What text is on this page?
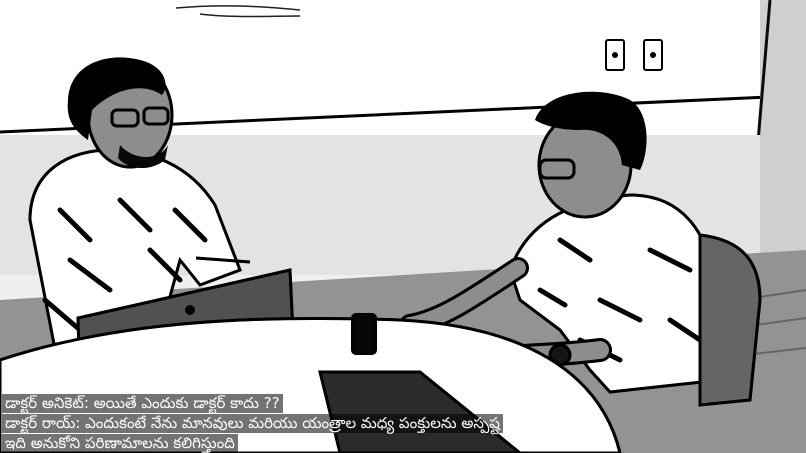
డాక్టర్ అనికెట్: అయితే ఎందుకు డాక్టర్ కాదు ??
డాక్టర్ రాయ్: ఎందుకంటే నేను మానవులు మరియు యంత్రాల మధ్య పంక్తులను అస్పష్ట
ఇది అనుకోని పరిణామాలను కలిగిస్తుంది
